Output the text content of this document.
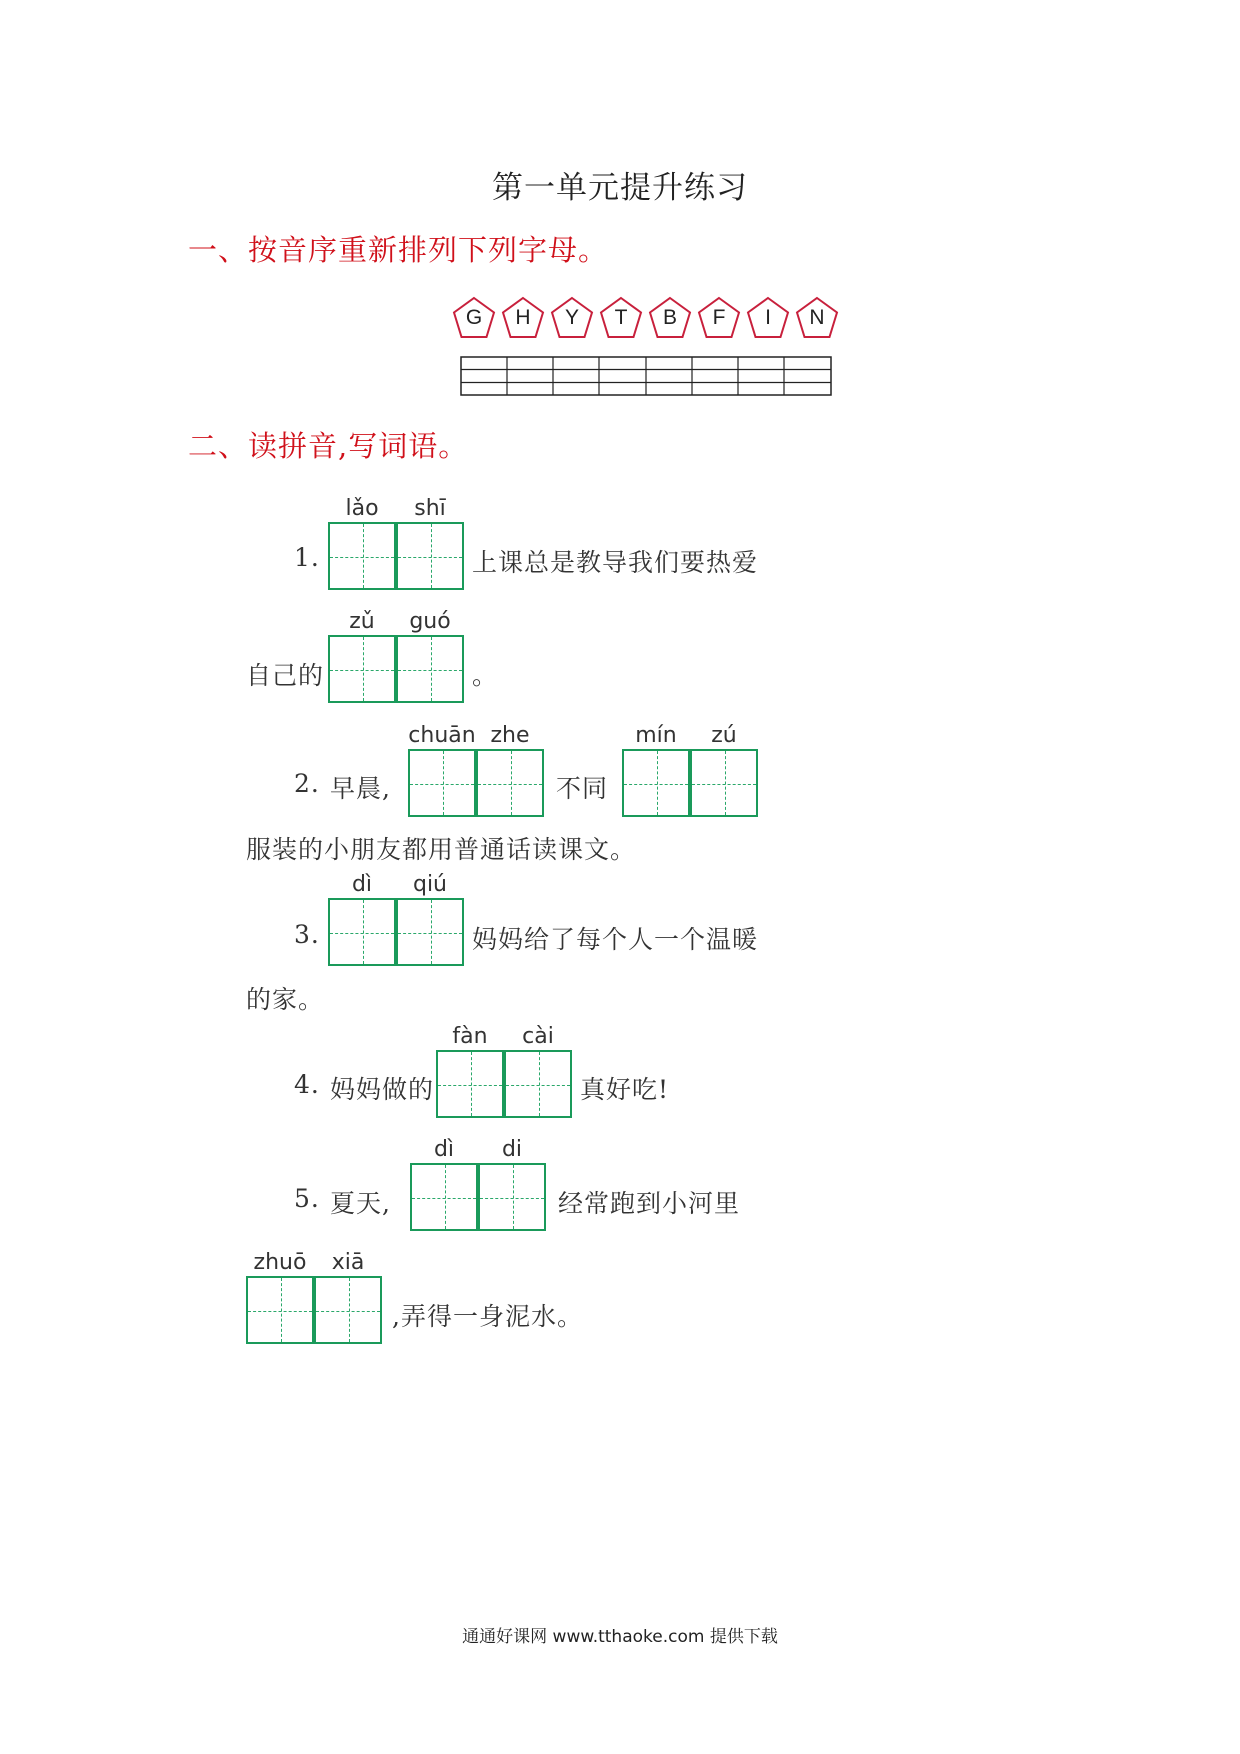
第一单元提升练习
一、按音序重新排列下列字母。
G	H	Y	T	B	F	I	N
二、读拼音,写词语。
lǎo	shī
1.	上课总是教导我们要热爱
自己的
zǔ	guó
。
2. 早晨,
chuān zhe
不同
mín	zú
服装的小朋友都用普通话读课文。
dì	qiú
3.	妈妈给了每个人一个温暖
的家。
4. 妈妈做的
fàn	cài
真好吃!
5. 夏天,
dì	di
经常跑到小河里
zhuō	xiā
,弄得一身泥水。
通通好课网 www.tthaoke.com 提供下载
